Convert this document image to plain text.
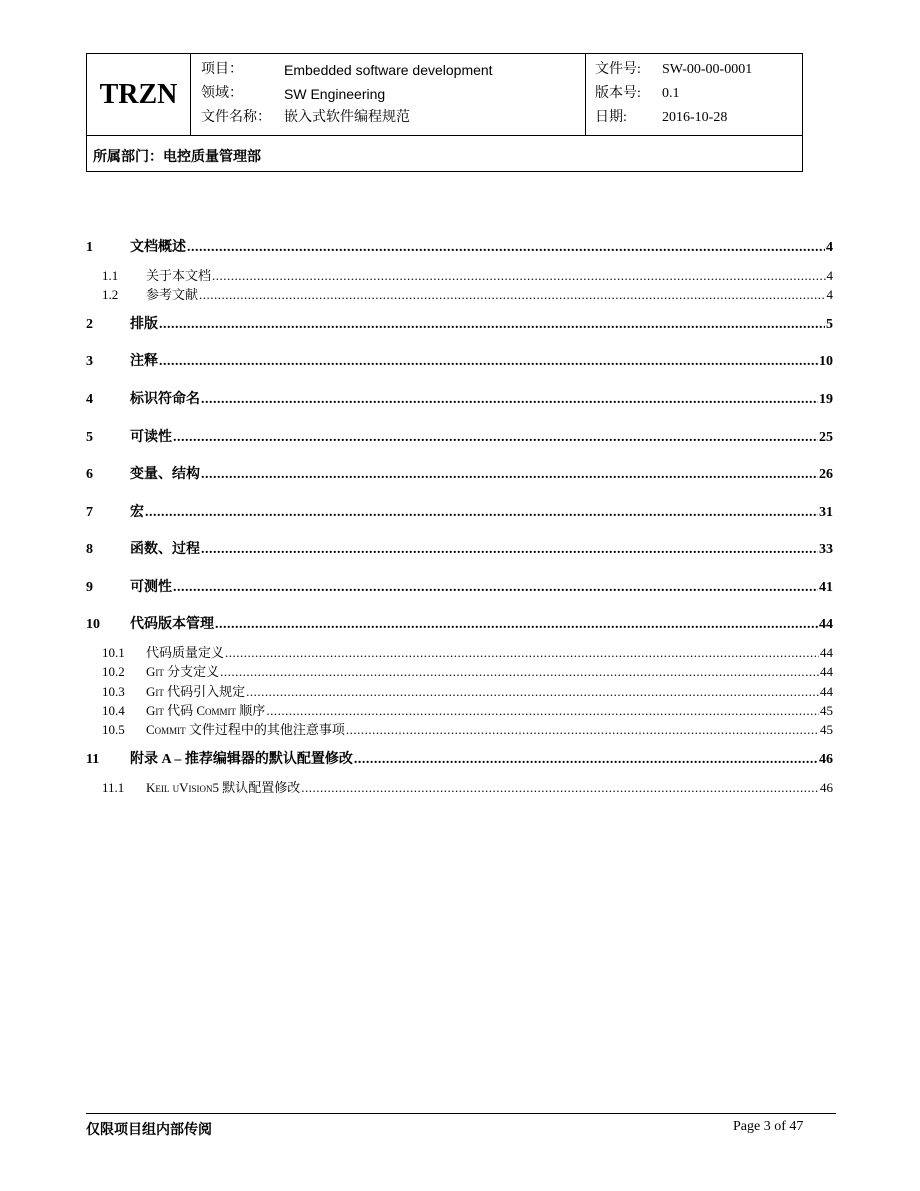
TRZN
项目：	Embedded software development
领域：	SW Engineering
文件名称： 嵌入式软件编程规范
文件号: SW-00-00-0001
版本号: 0.1
日期:	2016-10-28
所属部门：电控质量管理部
1	文档概述 .....	4
1.1	关于本文档 .....	4
1.2	参考文献 .....	4
2	排版 .....	5
3	注释 .....	10
4	标识符命名 .....	19
5	可读性 .....	25
6	变量、结构 .....	26
7	宏 .....	31
8	函数、过程 .....	33
9	可测性 .....	41
10	代码版本管理 .....	44
10.1	代码质量定义 .....	44
10.2	Git 分支定义 .....	44
10.3	Git 代码引入规定 .....	44
10.4	Git 代码 Commit 顺序 .....	45
10.5	Commit 文件过程中的其他注意事项 .....	45
11	附录 A – 推荐编辑器的默认配置修改 .....	46
11.1	Keil uVision5 默认配置修改 .....	46
仅限项目组内部传阅	Page 3 of 47
